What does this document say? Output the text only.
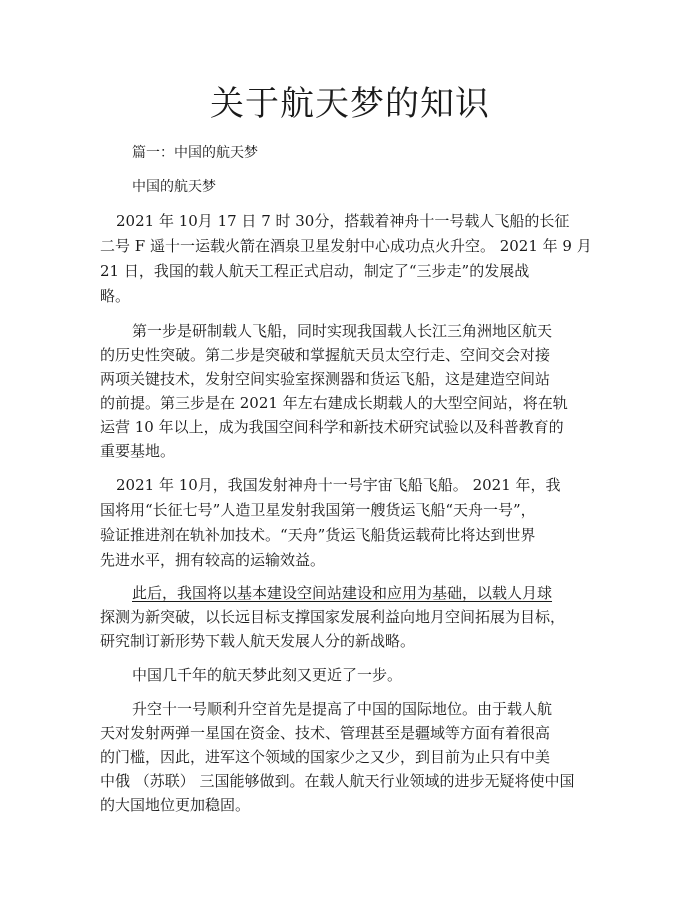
关于航天梦的知识
篇一：中国的航天梦
中国的航天梦
2021 年 10月 17 日 7 时 30分，搭载着神舟十一号载人飞船的长征
二号 F 遥十一运载火箭在酒泉卫星发射中心成功点火升空。 2021 年 9 月
21 日，我国的载人航天工程正式启动，制定了“三步走”的发展战
略。
第一步是研制载人飞船，同时实现我国载人长江三角洲地区航天
的历史性突破。第二步是突破和掌握航天员太空行走、空间交会对接
两项关键技术，发射空间实验室探测器和货运飞船，这是建造空间站
的前提。第三步是在 2021 年左右建成长期载人的大型空间站，将在轨
运营 10 年以上，成为我国空间科学和新技术研究试验以及科普教育的
重要基地。
2021 年 10月，我国发射神舟十一号宇宙飞船飞船。 2021 年，我
国将用“长征七号”人造卫星发射我国第一艘货运飞船“天舟一号”，
验证推进剂在轨补加技术。“天舟”货运飞船货运载荷比将达到世界
先进水平，拥有较高的运输效益。
此后，我国将以基本建设空间站建设和应用为基础，以载人月球
探测为新突破，以长远目标支撑国家发展利益向地月空间拓展为目标，
研究制订新形势下载人航天发展人分的新战略。
中国几千年的航天梦此刻又更近了一步。
升空十一号顺利升空首先是提高了中国的国际地位。由于载人航
天对发射两弹一星国在资金、技术、管理甚至是疆域等方面有着很高
的门槛，因此，进军这个领域的国家少之又少，到目前为止只有中美
中俄 （苏联） 三国能够做到。在载人航天行业领域的进步无疑将使中国
的大国地位更加稳固。
